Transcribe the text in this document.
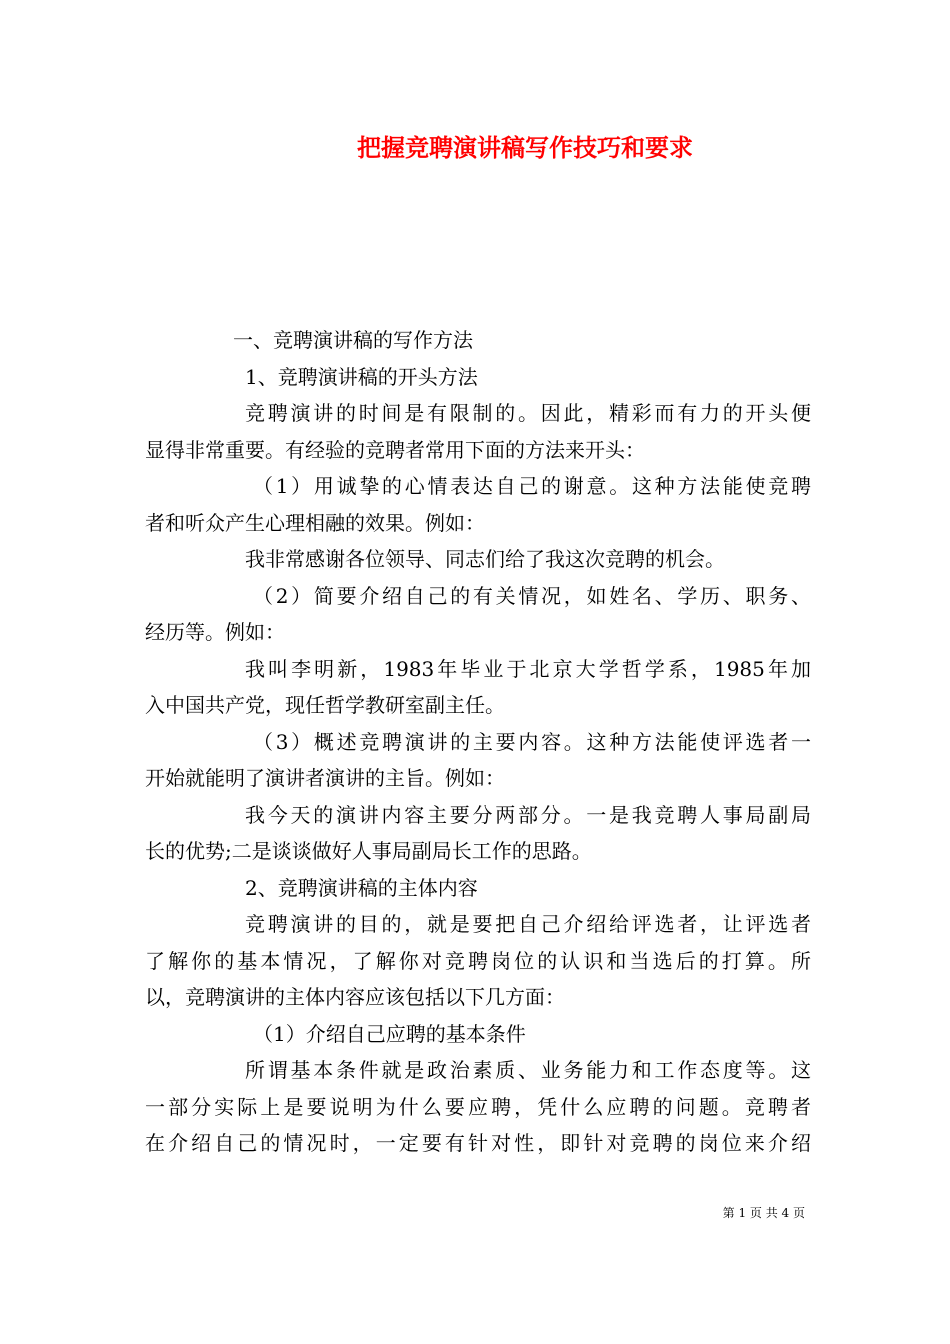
把握竞聘演讲稿写作技巧和要求
一、竞聘演讲稿的写作方法
1、竞聘演讲稿的开头方法
竞聘演讲的时间是有限制的。因此，精彩而有力的开头便
显得非常重要。有经验的竞聘者常用下面的方法来开头：
（1）用诚挚的心情表达自己的谢意。这种方法能使竞聘
者和听众产生心理相融的效果。例如：
我非常感谢各位领导、同志们给了我这次竞聘的机会。
（2）简要介绍自己的有关情况，如姓名、学历、职务、
经历等。例如：
我叫李明新，1983年毕业于北京大学哲学系，1985年加
入中国共产党，现任哲学教研室副主任。
（3）概述竞聘演讲的主要内容。这种方法能使评选者一
开始就能明了演讲者演讲的主旨。例如：
我今天的演讲内容主要分两部分。一是我竞聘人事局副局
长的优势;二是谈谈做好人事局副局长工作的思路。
2、竞聘演讲稿的主体内容
竞聘演讲的目的，就是要把自己介绍给评选者，让评选者
了解你的基本情况，了解你对竞聘岗位的认识和当选后的打算。所
以，竞聘演讲的主体内容应该包括以下几方面：
（1）介绍自己应聘的基本条件
所谓基本条件就是政治素质、业务能力和工作态度等。这
一部分实际上是要说明为什么要应聘，凭什么应聘的问题。竞聘者
在介绍自己的情况时，一定要有针对性，即针对竞聘的岗位来介绍
第 1 页 共 4 页
